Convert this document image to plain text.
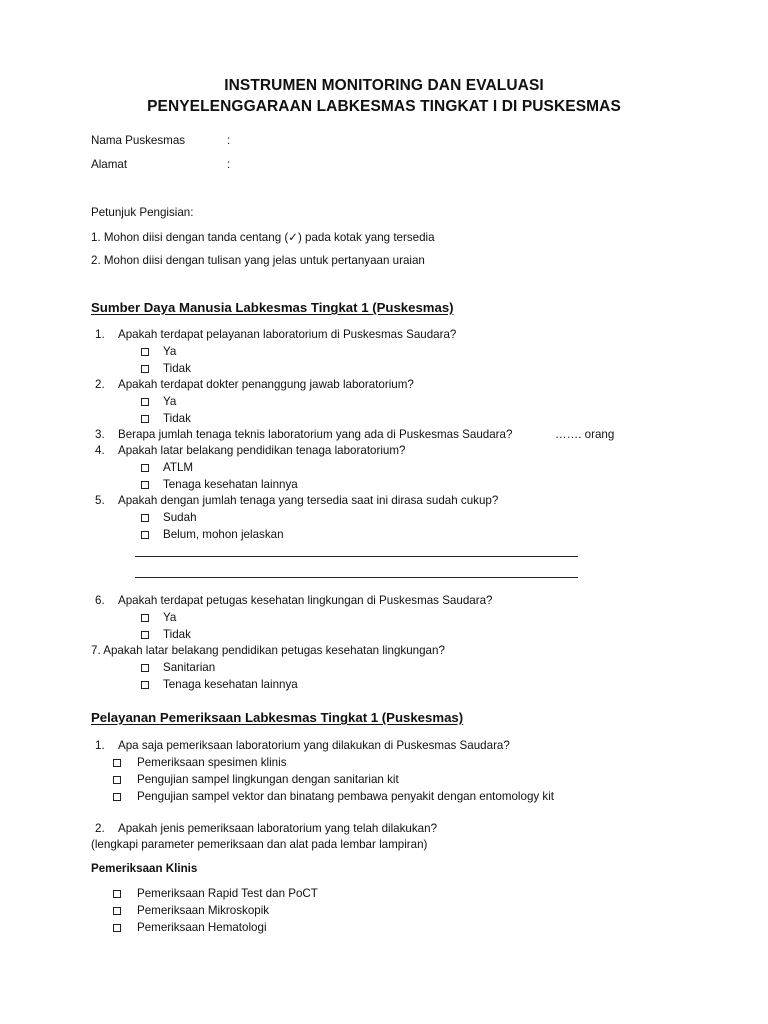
INSTRUMEN MONITORING DAN EVALUASI
PENYELENGGARAAN LABKESMAS TINGKAT I DI PUSKESMAS
Nama Puskesmas	:
Alamat	:
Petunjuk Pengisian:
1. Mohon diisi dengan tanda centang (✓) pada kotak yang tersedia
2. Mohon diisi dengan tulisan yang jelas untuk pertanyaan uraian
Sumber Daya Manusia Labkesmas Tingkat 1 (Puskesmas)
1. Apakah terdapat pelayanan laboratorium di Puskesmas Saudara?
Ya
Tidak
2. Apakah terdapat dokter penanggung jawab laboratorium?
Ya
Tidak
3. Berapa jumlah tenaga teknis laboratorium yang ada di Puskesmas Saudara?	……. orang
4. Apakah latar belakang pendidikan tenaga laboratorium?
ATLM
Tenaga kesehatan lainnya
5. Apakah dengan jumlah tenaga yang tersedia saat ini dirasa sudah cukup?
Sudah
Belum, mohon jelaskan
6. Apakah terdapat petugas kesehatan lingkungan di Puskesmas Saudara?
Ya
Tidak
7. Apakah latar belakang pendidikan petugas kesehatan lingkungan?
Sanitarian
Tenaga kesehatan lainnya
Pelayanan Pemeriksaan Labkesmas Tingkat 1 (Puskesmas)
1. Apa saja pemeriksaan laboratorium yang dilakukan di Puskesmas Saudara?
Pemeriksaan spesimen klinis
Pengujian sampel lingkungan dengan sanitarian kit
Pengujian sampel vektor dan binatang pembawa penyakit dengan entomology kit
2. Apakah jenis pemeriksaan laboratorium yang telah dilakukan?
(lengkapi parameter pemeriksaan dan alat pada lembar lampiran)
Pemeriksaan Klinis
Pemeriksaan Rapid Test dan PoCT
Pemeriksaan Mikroskopik
Pemeriksaan Hematologi
